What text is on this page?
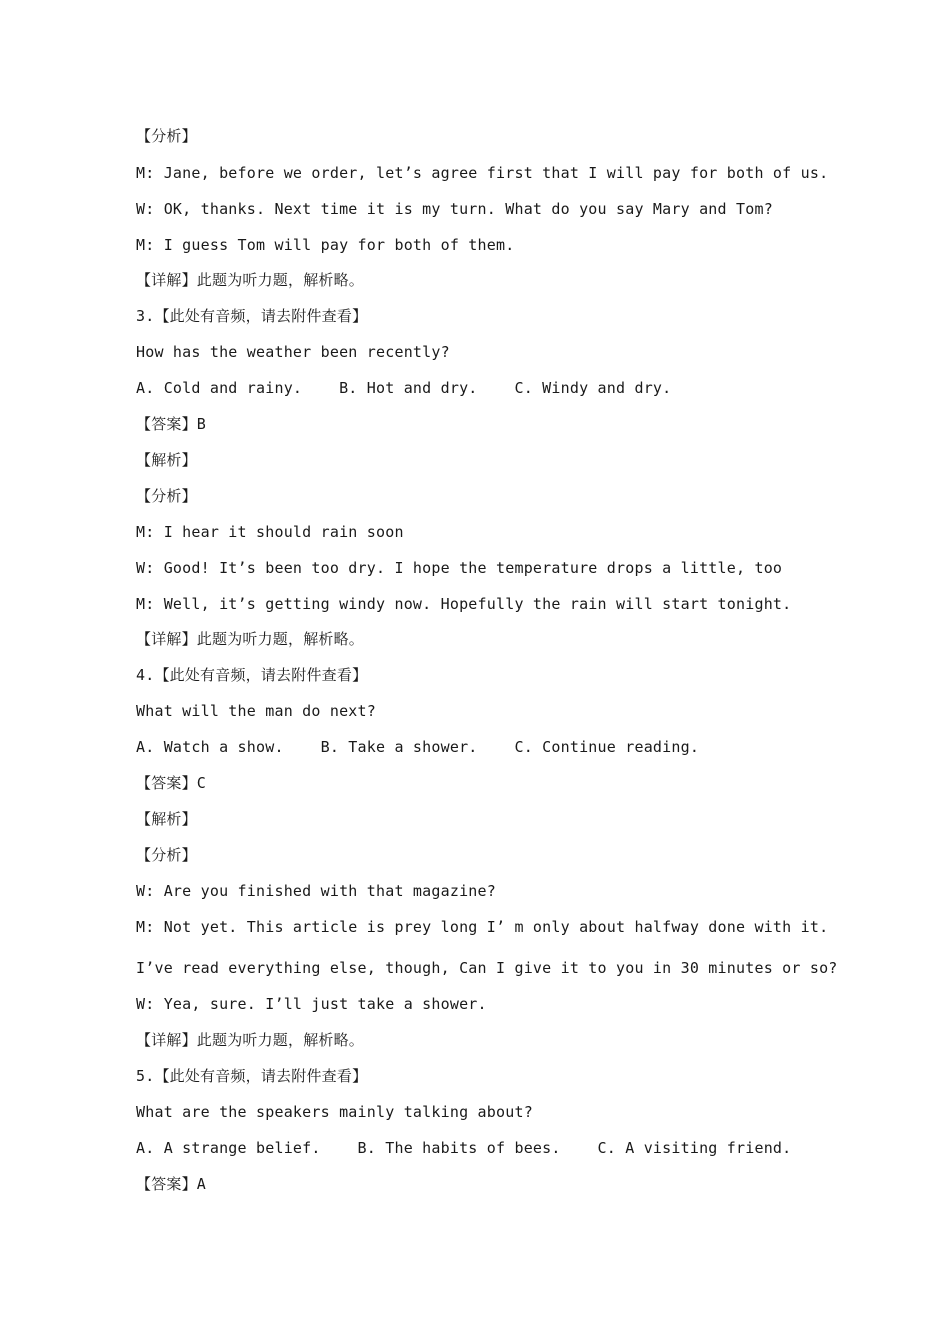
【分析】
M: Jane, before we order, let’s agree first that I will pay for both of us.
W: OK, thanks. Next time it is my turn. What do you say Mary and Tom?
M: I guess Tom will pay for both of them.
【详解】此题为听力题，解析略。
3.【此处有音频，请去附件查看】
How has the weather been recently?
A. Cold and rainy.    B. Hot and dry.    C. Windy and dry.
【答案】B
【解析】
【分析】
M: I hear it should rain soon
W: Good! It’s been too dry. I hope the temperature drops a little, too
M: Well, it’s getting windy now. Hopefully the rain will start tonight.
【详解】此题为听力题，解析略。
4.【此处有音频，请去附件查看】
What will the man do next?
A. Watch a show.    B. Take a shower.    C. Continue reading.
【答案】C
【解析】
【分析】
W: Are you finished with that magazine?
M: Not yet. This article is prey long I’ m only about halfway done with it.
I’ve read everything else, though, Can I give it to you in 30 minutes or so?
W: Yea, sure. I’ll just take a shower.
【详解】此题为听力题，解析略。
5.【此处有音频，请去附件查看】
What are the speakers mainly talking about?
A. A strange belief.    B. The habits of bees.    C. A visiting friend.
【答案】A
